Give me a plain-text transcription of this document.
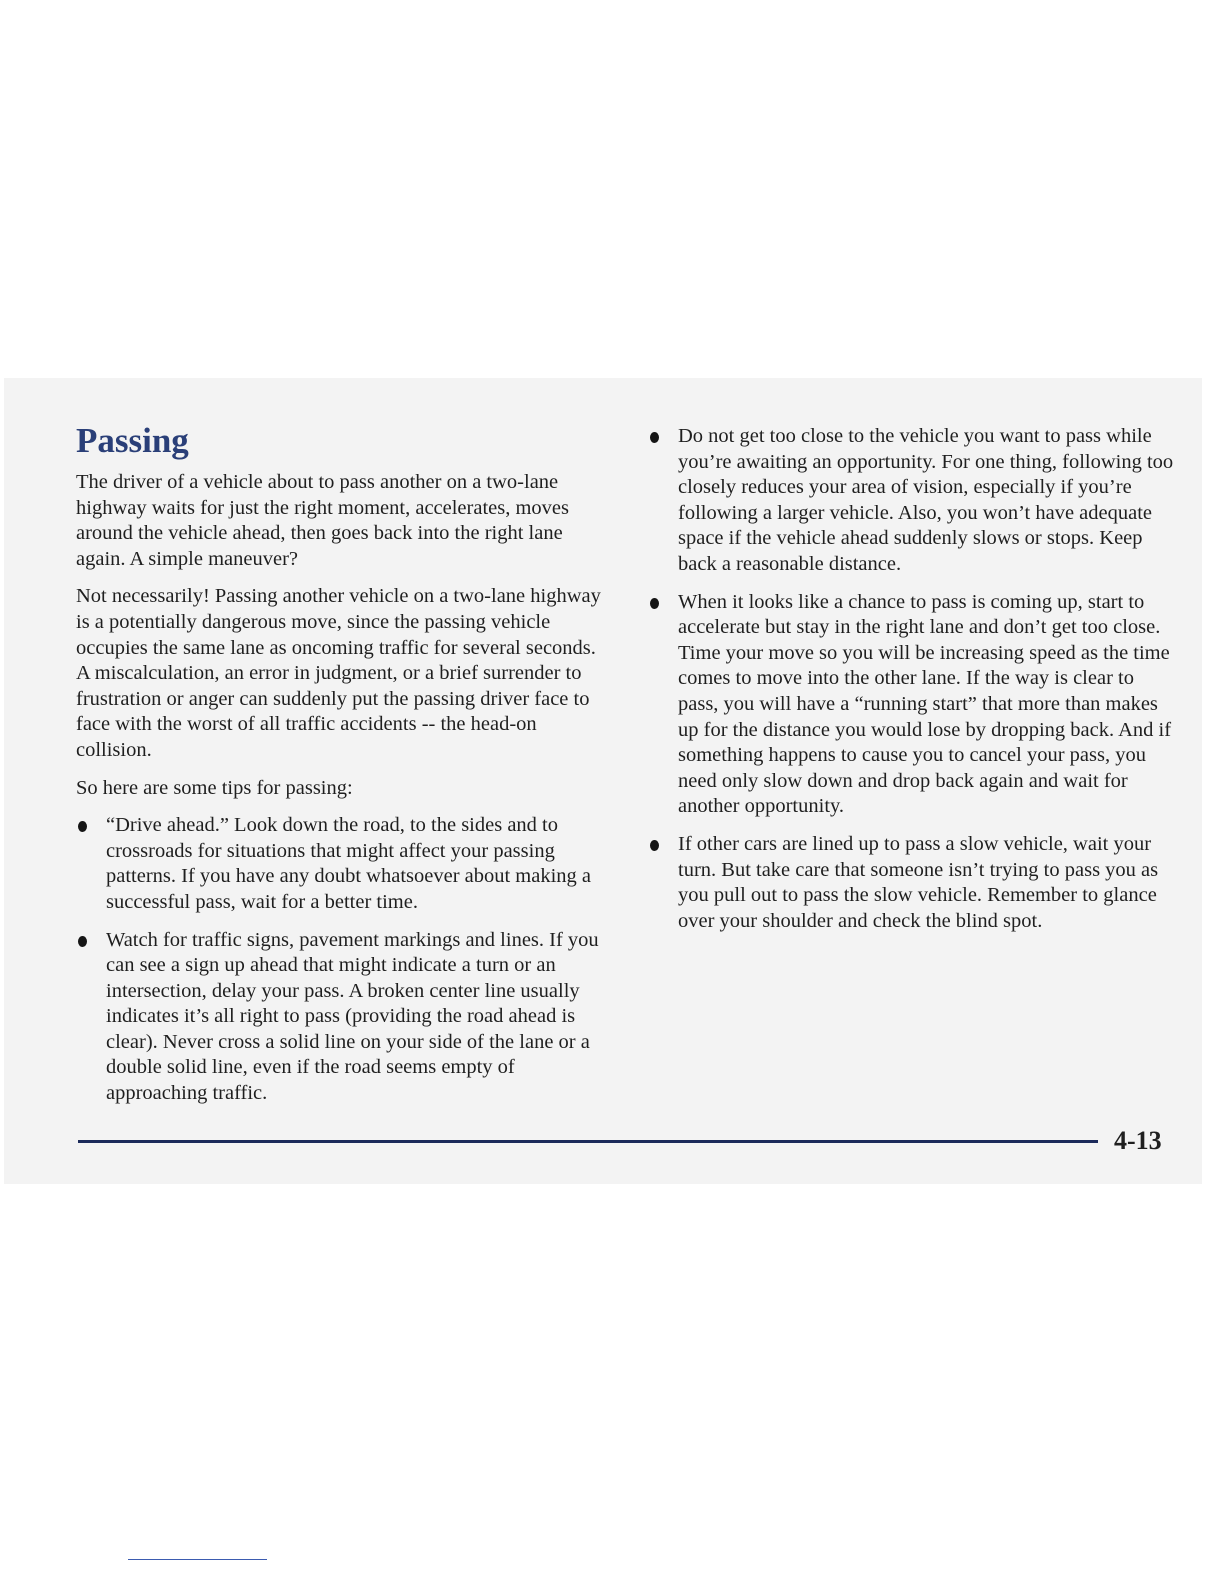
Passing

The driver of a vehicle about to pass another on a two-lane highway waits for just the right moment, accelerates, moves around the vehicle ahead, then goes back into the right lane again. A simple maneuver?

Not necessarily! Passing another vehicle on a two-lane highway is a potentially dangerous move, since the passing vehicle occupies the same lane as oncoming traffic for several seconds. A miscalculation, an error in judgment, or a brief surrender to frustration or anger can suddenly put the passing driver face to face with the worst of all traffic accidents -- the head-on collision.

So here are some tips for passing:

“Drive ahead.” Look down the road, to the sides and to crossroads for situations that might affect your passing patterns. If you have any doubt whatsoever about making a successful pass, wait for a better time.
Watch for traffic signs, pavement markings and lines. If you can see a sign up ahead that might indicate a turn or an intersection, delay your pass. A broken center line usually indicates it’s all right to pass (providing the road ahead is clear). Never cross a solid line on your side of the lane or a double solid line, even if the road seems empty of approaching traffic.
Do not get too close to the vehicle you want to pass while you’re awaiting an opportunity. For one thing, following too closely reduces your area of vision, especially if you’re following a larger vehicle. Also, you won’t have adequate space if the vehicle ahead suddenly slows or stops. Keep back a reasonable distance.
When it looks like a chance to pass is coming up, start to accelerate but stay in the right lane and don’t get too close. Time your move so you will be increasing speed as the time comes to move into the other lane. If the way is clear to pass, you will have a “running start” that more than makes up for the distance you would lose by dropping back. And if something happens to cause you to cancel your pass, you need only slow down and drop back again and wait for another opportunity.
If other cars are lined up to pass a slow vehicle, wait your turn. But take care that someone isn’t trying to pass you as you pull out to pass the slow vehicle. Remember to glance over your shoulder and check the blind spot.
4-13
